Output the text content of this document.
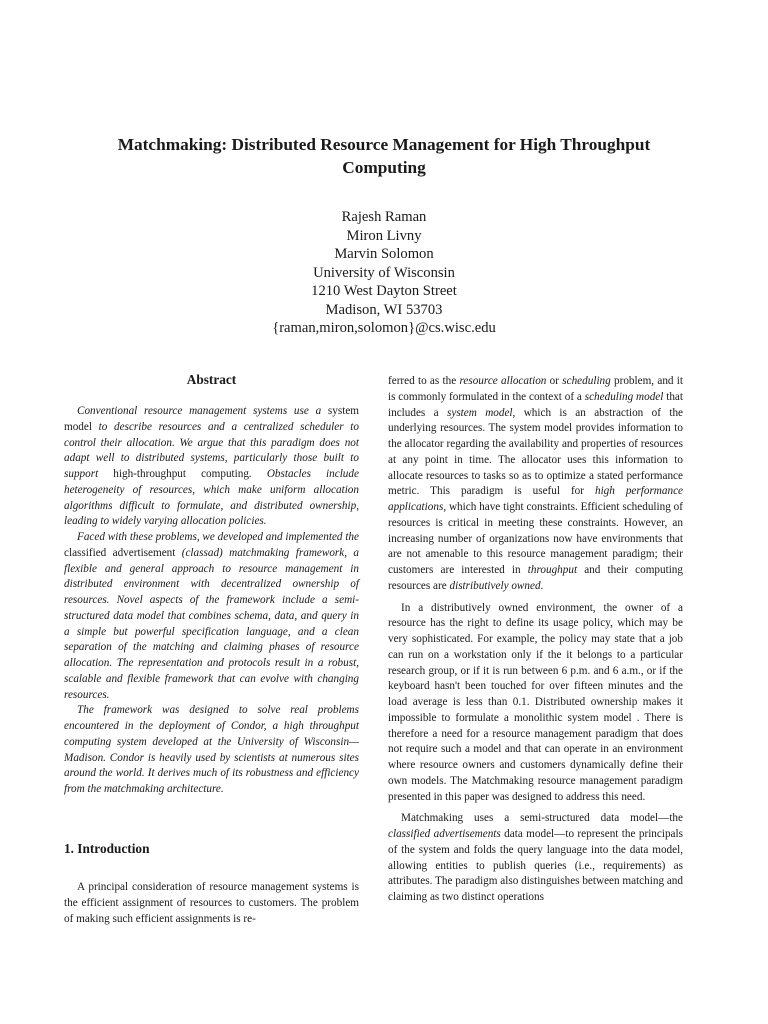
Matchmaking: Distributed Resource Management for High Throughput
Computing
Rajesh Raman
Miron Livny
Marvin Solomon
University of Wisconsin
1210 West Dayton Street
Madison, WI 53703
{raman,miron,solomon}@cs.wisc.edu
Abstract

Conventional resource management systems use a system model to describe resources and a centralized scheduler to control their allocation. We argue that this paradigm does not adapt well to distributed systems, particularly those built to support high-throughput computing. Obstacles include heterogeneity of resources, which make uniform allocation algorithms difficult to formulate, and distributed ownership, leading to widely varying allocation policies.

Faced with these problems, we developed and implemented the classified advertisement (classad) matchmaking framework, a flexible and general approach to resource management in distributed environment with decentralized ownership of resources. Novel aspects of the framework include a semi-structured data model that combines schema, data, and query in a simple but powerful specification language, and a clean separation of the matching and claiming phases of resource allocation. The representation and protocols result in a robust, scalable and flexible framework that can evolve with changing resources.

The framework was designed to solve real problems encountered in the deployment of Condor, a high throughput computing system developed at the University of Wisconsin—Madison. Condor is heavily used by scientists at numerous sites around the world. It derives much of its robustness and efficiency from the matchmaking architecture.

1. Introduction

A principal consideration of resource management systems is the efficient assignment of resources to customers. The problem of making such efficient assignments is re-

ferred to as the resource allocation or scheduling problem, and it is commonly formulated in the context of a scheduling model that includes a system model, which is an abstraction of the underlying resources. The system model provides information to the allocator regarding the availability and properties of resources at any point in time. The allocator uses this information to allocate resources to tasks so as to optimize a stated performance metric. This paradigm is useful for high performance applications, which have tight constraints. Efficient scheduling of resources is critical in meeting these constraints. However, an increasing number of organizations now have environments that are not amenable to this resource management paradigm; their customers are interested in throughput and their computing resources are distributively owned.

In a distributively owned environment, the owner of a resource has the right to define its usage policy, which may be very sophisticated. For example, the policy may state that a job can run on a workstation only if the it belongs to a particular research group, or if it is run between 6 p.m. and 6 a.m., or if the keyboard hasn't been touched for over fifteen minutes and the load average is less than 0.1. Distributed ownership makes it impossible to formulate a monolithic system model . There is therefore a need for a resource management paradigm that does not require such a model and that can operate in an environment where resource owners and customers dynamically define their own models. The Matchmaking resource management paradigm presented in this paper was designed to address this need.

Matchmaking uses a semi-structured data model—the classified advertisements data model—to represent the principals of the system and folds the query language into the data model, allowing entities to publish queries (i.e., requirements) as attributes. The paradigm also distinguishes between matching and claiming as two distinct operations
